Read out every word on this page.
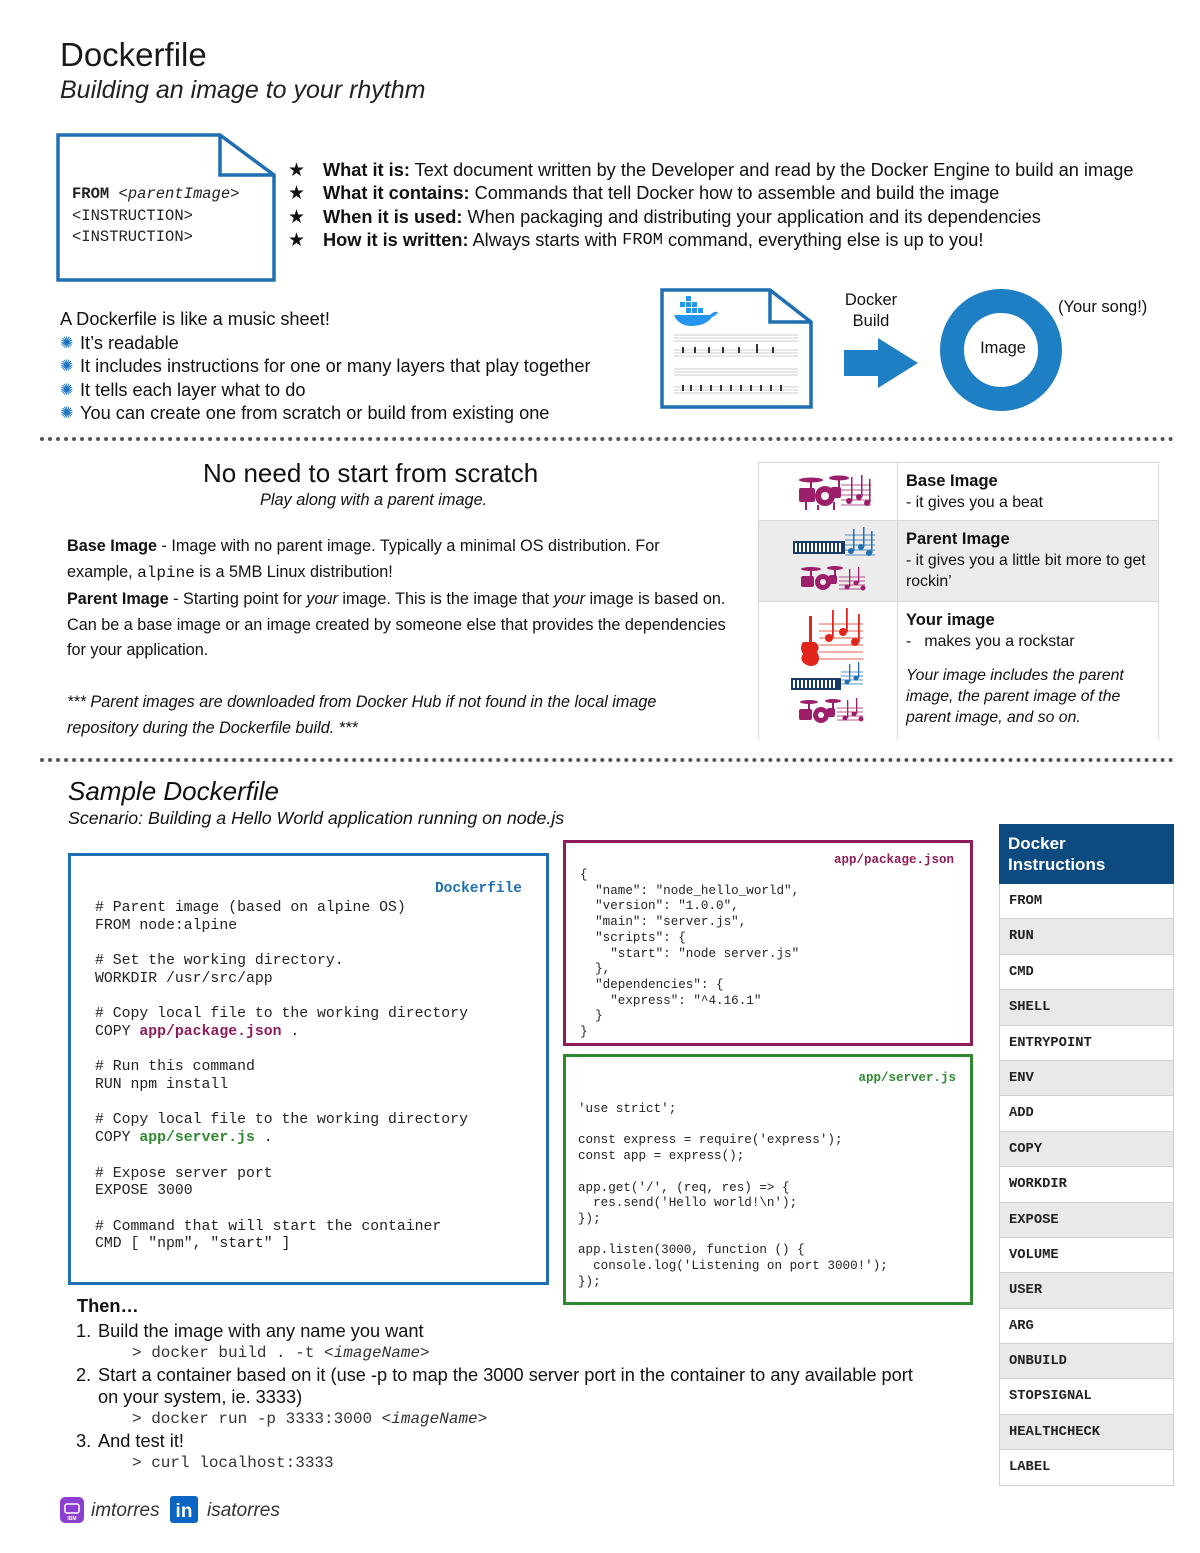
Dockerfile
Building an image to your rhythm
FROM <parentImage>
<INSTRUCTION>
<INSTRUCTION>
★ What it is: Text document written by the Developer and read by the Docker Engine to build an image
★ What it contains: Commands that tell Docker how to assemble and build the image
★ When it is used: When packaging and distributing your application and its dependencies
★ How it is written: Always starts with FROM command, everything else is up to you!
A Dockerfile is like a music sheet!
✺ It’s readable
✺ It includes instructions for one or many layers that play together
✺ It tells each layer what to do
✺ You can create one from scratch or build from existing one
Docker
Build
Image
(Your song!)
No need to start from scratch
Play along with a parent image.

Base Image - Image with no parent image. Typically a minimal OS distribution. For example, alpine is a 5MB Linux distribution!

Parent Image - Starting point for your image. This is the image that your image is based on. Can be a base image or an image created by someone else that provides the dependencies for your application.

*** Parent images are downloaded from Docker Hub if not found in the local image repository during the Dockerfile build. ***
Base Image
- it gives you a beat
Parent Image
- it gives you a little bit more to get rockin’
Your image
-   makes you a rockstar
Your image includes the parent image, the parent image of the parent image, and so on.
Sample Dockerfile
Scenario: Building a Hello World application running on node.js
Dockerfile
# Parent image (based on alpine OS)
FROM node:alpine

# Set the working directory.
WORKDIR /usr/src/app

# Copy local file to the working directory
COPY app/package.json .

# Run this command
RUN npm install

# Copy local file to the working directory
COPY app/server.js .

# Expose server port
EXPOSE 3000

# Command that will start the container
CMD [ "npm", "start" ]
app/package.json
{
"name": "node_hello_world",
"version": "1.0.0",
"main": "server.js",
"scripts": {
"start": "node server.js"
},
"dependencies": {
"express": "^4.16.1"
}
}
app/server.js
'use strict';

const express = require('express');
const app = express();

app.get('/', (req, res) => {
res.send('Hello world!\n');
});

app.listen(3000, function () {
console.log('Listening on port 3000!');
});
Docker Instructions
FROM
RUN
CMD
SHELL
ENTRYPOINT
ENV
ADD
COPY
WORKDIR
EXPOSE
VOLUME
USER
ARG
ONBUILD
STOPSIGNAL
HEALTHCHECK
LABEL
Then…
1. Build the image with any name you want
> docker build . -t <imageName>
2. Start a container based on it (use -p to map the 3000 server port in the container to any available port on your system, ie. 3333)
> docker run -p 3333:3000 <imageName>
3. And test it!
> curl localhost:3333
IBM imtorres in isatorres
